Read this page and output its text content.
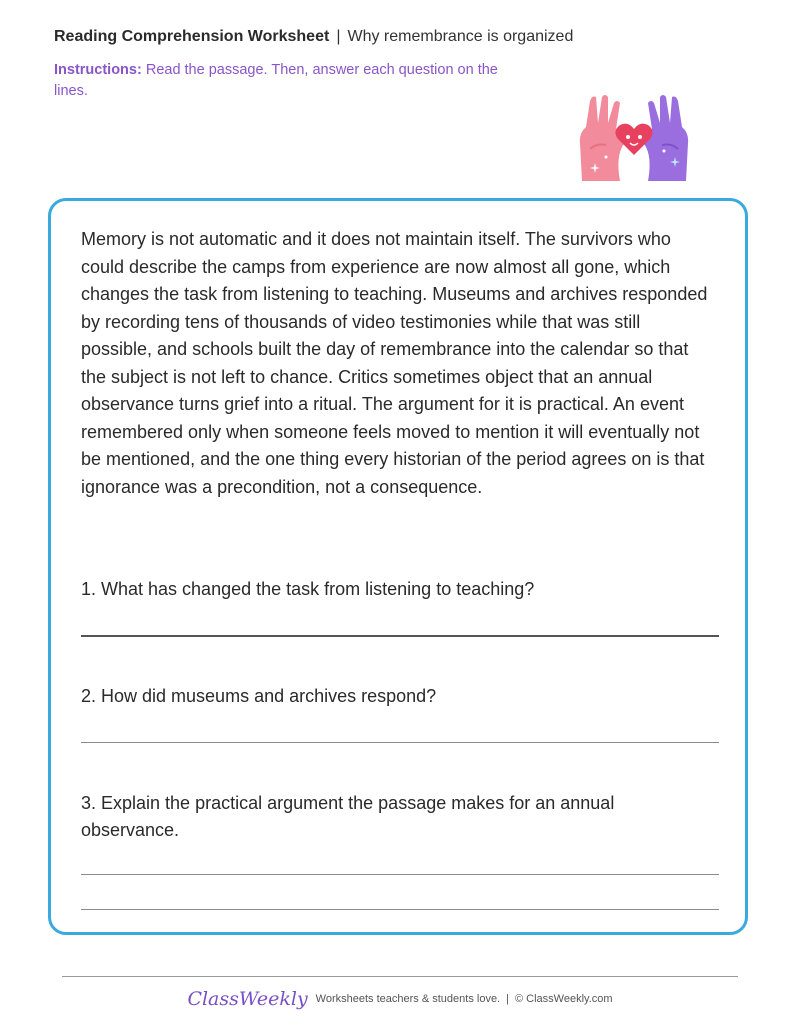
Reading Comprehension Worksheet | Why remembrance is organized
Instructions: Read the passage. Then, answer each question on the lines.

Memory is not automatic and it does not maintain itself. The survivors who could describe the camps from experience are now almost all gone, which changes the task from listening to teaching. Museums and archives responded by recording tens of thousands of video testimonies while that was still possible, and schools built the day of remembrance into the calendar so that the subject is not left to chance. Critics sometimes object that an annual observance turns grief into a ritual. The argument for it is practical. An event remembered only when someone feels moved to mention it will eventually not be mentioned, and the one thing every historian of the period agrees on is that ignorance was a precondition, not a consequence.

1. What has changed the task from listening to teaching?

2. How did museums and archives respond?

3. Explain the practical argument the passage makes for an annual observance.

ClassWeekly Worksheets teachers & students love. | © ClassWeekly.com
